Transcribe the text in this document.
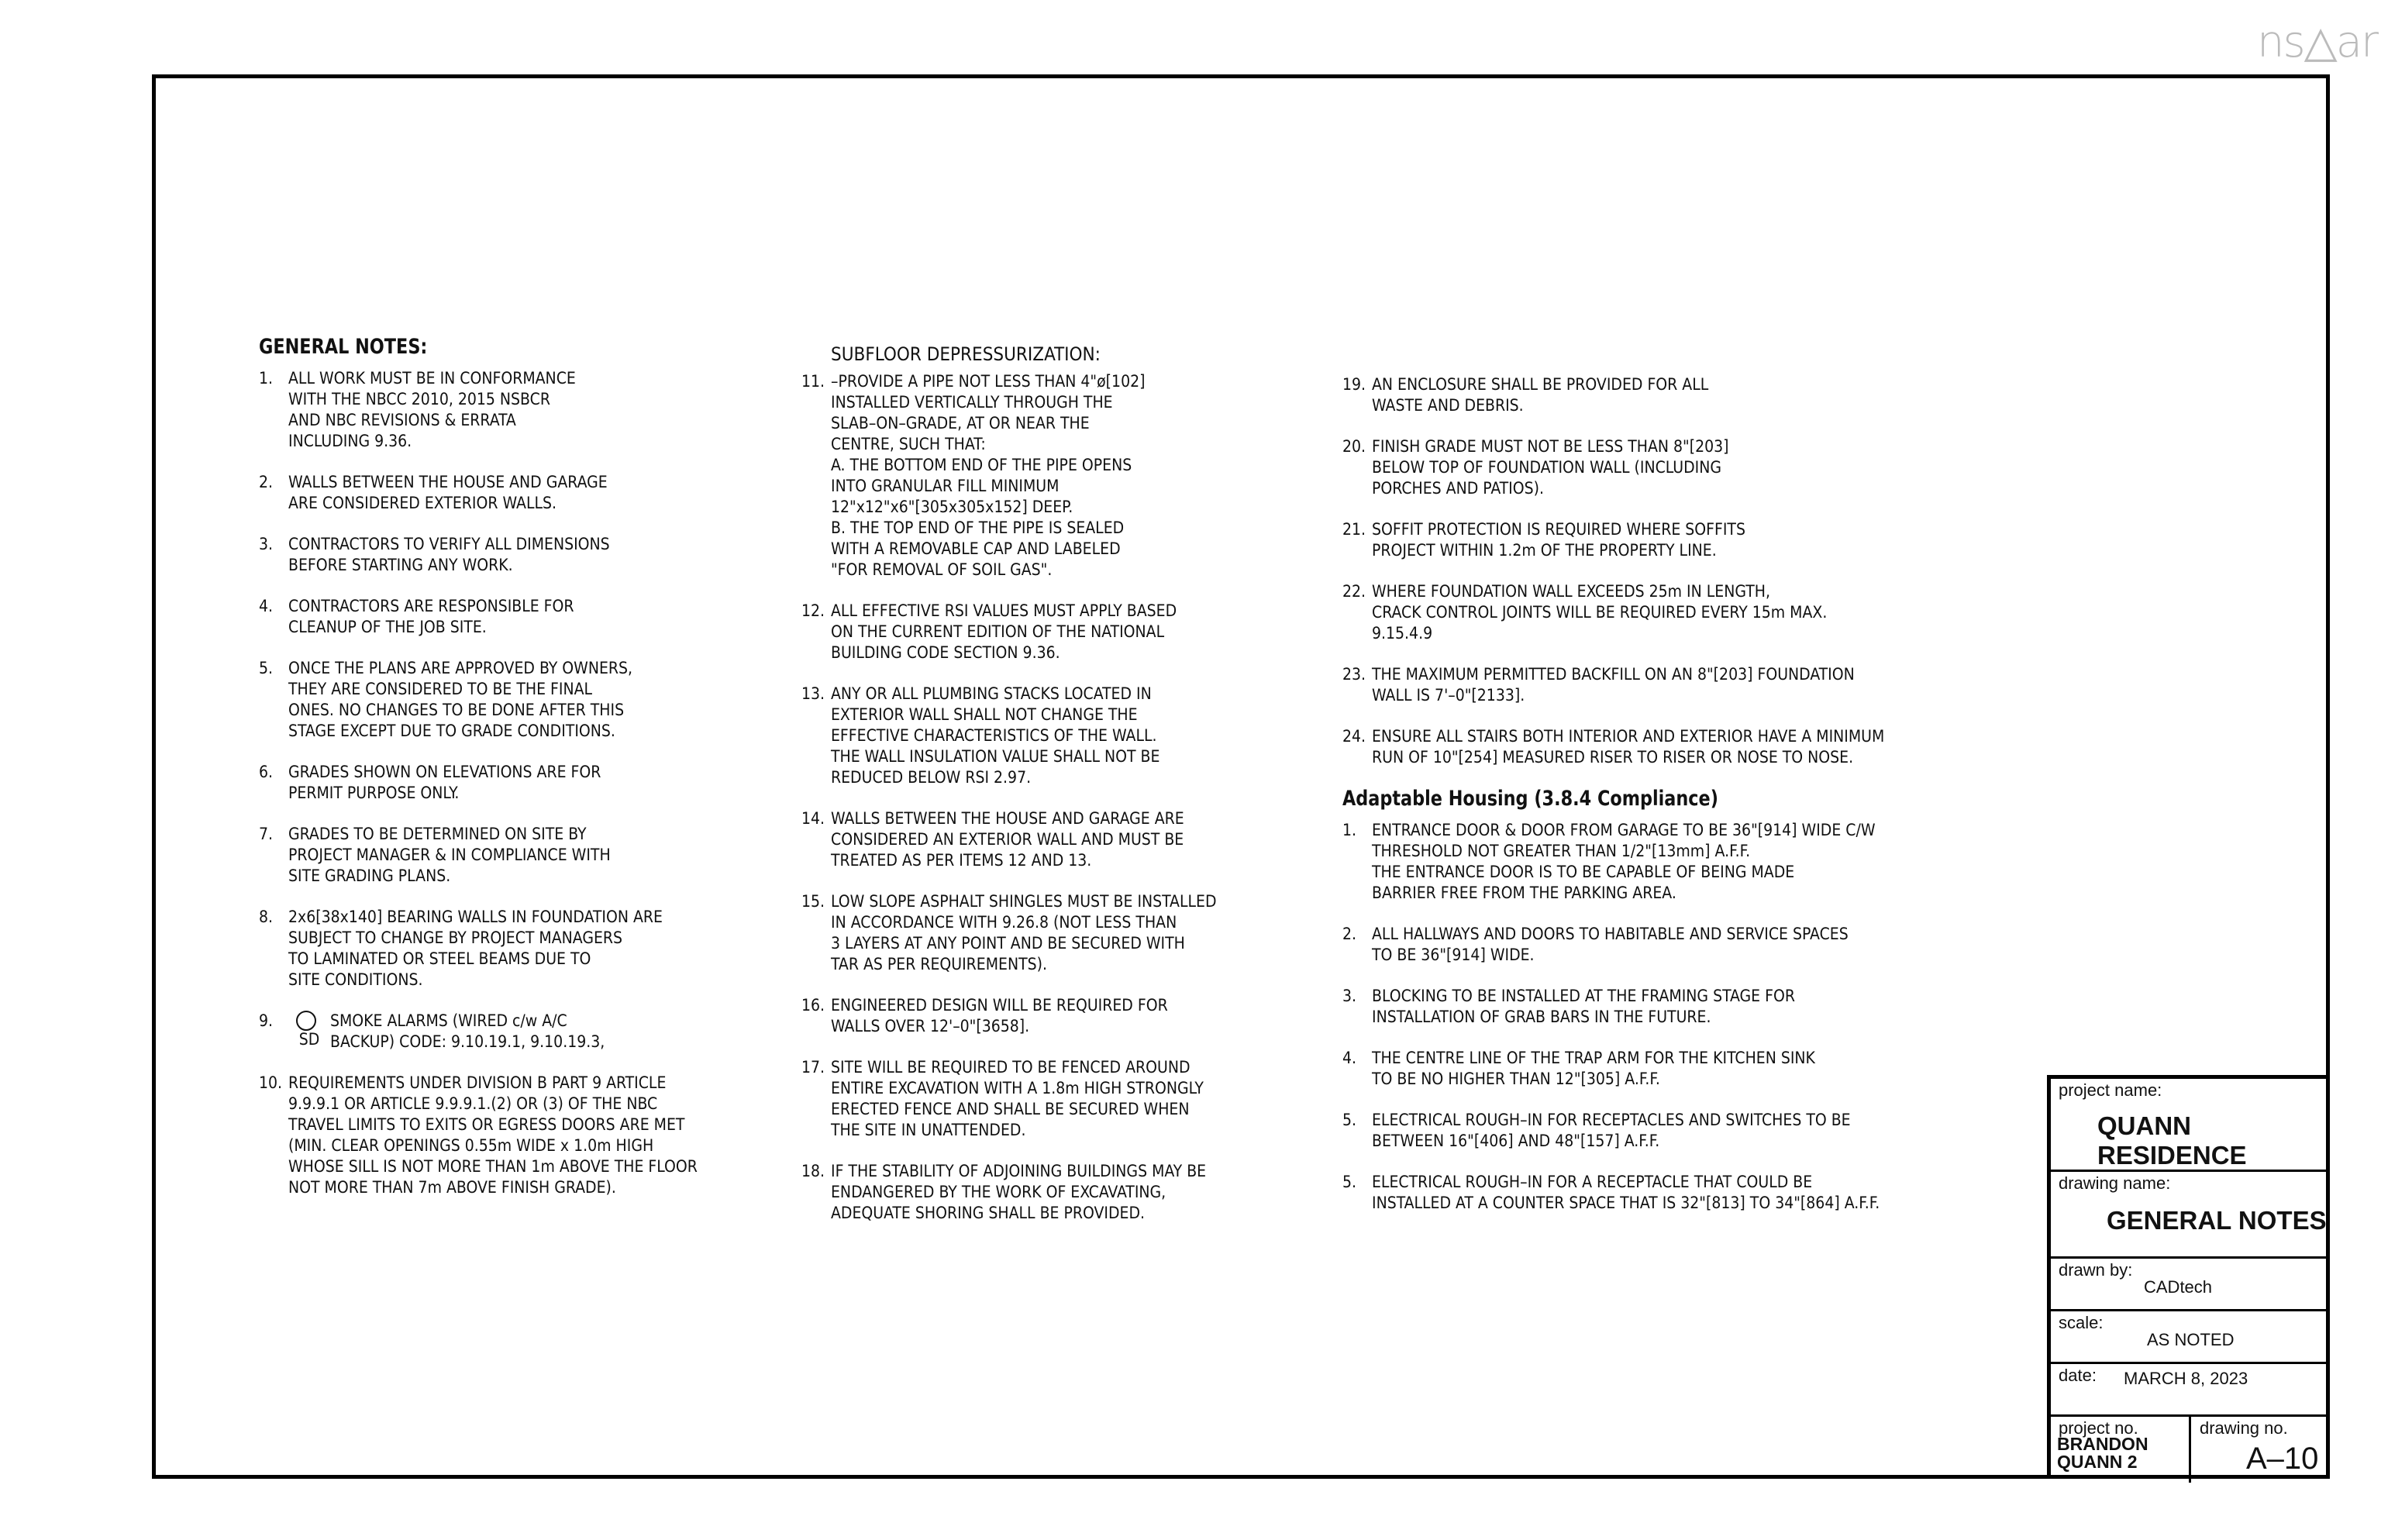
ns△ar
GENERAL NOTES:
1. ALL WORK MUST BE IN CONFORMANCE
WITH THE NBCC 2010, 2015 NSBCR
AND NBC REVISIONS & ERRATA
INCLUDING 9.36.
2. WALLS BETWEEN THE HOUSE AND GARAGE
ARE CONSIDERED EXTERIOR WALLS.
3. CONTRACTORS TO VERIFY ALL DIMENSIONS
BEFORE STARTING ANY WORK.
4. CONTRACTORS ARE RESPONSIBLE FOR
CLEANUP OF THE JOB SITE.
5. ONCE THE PLANS ARE APPROVED BY OWNERS,
THEY ARE CONSIDERED TO BE THE FINAL
ONES. NO CHANGES TO BE DONE AFTER THIS
STAGE EXCEPT DUE TO GRADE CONDITIONS.
6. GRADES SHOWN ON ELEVATIONS ARE FOR
PERMIT PURPOSE ONLY.
7. GRADES TO BE DETERMINED ON SITE BY
PROJECT MANAGER & IN COMPLIANCE WITH
SITE GRADING PLANS.
8. 2x6[38x140] BEARING WALLS IN FOUNDATION ARE
SUBJECT TO CHANGE BY PROJECT MANAGERS
TO LAMINATED OR STEEL BEAMS DUE TO
SITE CONDITIONS.
9.
SD
SMOKE ALARMS (WIRED c/w A/C
BACKUP) CODE: 9.10.19.1, 9.10.19.3,
10. REQUIREMENTS UNDER DIVISION B PART 9 ARTICLE
9.9.9.1 OR ARTICLE 9.9.9.1.(2) OR (3) OF THE NBC
TRAVEL LIMITS TO EXITS OR EGRESS DOORS ARE MET
(MIN. CLEAR OPENINGS 0.55m WIDE x 1.0m HIGH
WHOSE SILL IS NOT MORE THAN 1m ABOVE THE FLOOR
NOT MORE THAN 7m ABOVE FINISH GRADE).
SUBFLOOR DEPRESSURIZATION:
11. –PROVIDE A PIPE NOT LESS THAN 4"ø[102]
INSTALLED VERTICALLY THROUGH THE
SLAB–ON–GRADE, AT OR NEAR THE
CENTRE, SUCH THAT:
A. THE BOTTOM END OF THE PIPE OPENS
INTO GRANULAR FILL MINIMUM
12"x12"x6"[305x305x152] DEEP.
B. THE TOP END OF THE PIPE IS SEALED
WITH A REMOVABLE CAP AND LABELED
"FOR REMOVAL OF SOIL GAS".
12. ALL EFFECTIVE RSI VALUES MUST APPLY BASED
ON THE CURRENT EDITION OF THE NATIONAL
BUILDING CODE SECTION 9.36.
13. ANY OR ALL PLUMBING STACKS LOCATED IN
EXTERIOR WALL SHALL NOT CHANGE THE
EFFECTIVE CHARACTERISTICS OF THE WALL.
THE WALL INSULATION VALUE SHALL NOT BE
REDUCED BELOW RSI 2.97.
14. WALLS BETWEEN THE HOUSE AND GARAGE ARE
CONSIDERED AN EXTERIOR WALL AND MUST BE
TREATED AS PER ITEMS 12 AND 13.
15. LOW SLOPE ASPHALT SHINGLES MUST BE INSTALLED
IN ACCORDANCE WITH 9.26.8 (NOT LESS THAN
3 LAYERS AT ANY POINT AND BE SECURED WITH
TAR AS PER REQUIREMENTS).
16. ENGINEERED DESIGN WILL BE REQUIRED FOR
WALLS OVER 12'–0"[3658].
17. SITE WILL BE REQUIRED TO BE FENCED AROUND
ENTIRE EXCAVATION WITH A 1.8m HIGH STRONGLY
ERECTED FENCE AND SHALL BE SECURED WHEN
THE SITE IN UNATTENDED.
18. IF THE STABILITY OF ADJOINING BUILDINGS MAY BE
ENDANGERED BY THE WORK OF EXCAVATING,
ADEQUATE SHORING SHALL BE PROVIDED.
19. AN ENCLOSURE SHALL BE PROVIDED FOR ALL
WASTE AND DEBRIS.
20. FINISH GRADE MUST NOT BE LESS THAN 8"[203]
BELOW TOP OF FOUNDATION WALL (INCLUDING
PORCHES AND PATIOS).
21. SOFFIT PROTECTION IS REQUIRED WHERE SOFFITS
PROJECT WITHIN 1.2m OF THE PROPERTY LINE.
22. WHERE FOUNDATION WALL EXCEEDS 25m IN LENGTH,
CRACK CONTROL JOINTS WILL BE REQUIRED EVERY 15m MAX.
9.15.4.9
23. THE MAXIMUM PERMITTED BACKFILL ON AN 8"[203] FOUNDATION
WALL IS 7'–0"[2133].
24. ENSURE ALL STAIRS BOTH INTERIOR AND EXTERIOR HAVE A MINIMUM
RUN OF 10"[254] MEASURED RISER TO RISER OR NOSE TO NOSE.
Adaptable Housing (3.8.4 Compliance)
1. ENTRANCE DOOR & DOOR FROM GARAGE TO BE 36"[914] WIDE C/W
THRESHOLD NOT GREATER THAN 1/2"[13mm] A.F.F.
THE ENTRANCE DOOR IS TO BE CAPABLE OF BEING MADE
BARRIER FREE FROM THE PARKING AREA.
2. ALL HALLWAYS AND DOORS TO HABITABLE AND SERVICE SPACES
TO BE 36"[914] WIDE.
3. BLOCKING TO BE INSTALLED AT THE FRAMING STAGE FOR
INSTALLATION OF GRAB BARS IN THE FUTURE.
4. THE CENTRE LINE OF THE TRAP ARM FOR THE KITCHEN SINK
TO BE NO HIGHER THAN 12"[305] A.F.F.
5. ELECTRICAL ROUGH–IN FOR RECEPTACLES AND SWITCHES TO BE
BETWEEN 16"[406] AND 48"[157] A.F.F.
5. ELECTRICAL ROUGH–IN FOR A RECEPTACLE THAT COULD BE
INSTALLED AT A COUNTER SPACE THAT IS 32"[813] TO 34"[864] A.F.F.
project name:
QUANN RESIDENCE
drawing name:
GENERAL NOTES
drawn by:
CADtech
scale:
AS NOTED
date: MARCH 8, 2023
project no.
BRANDON
QUANN 2
drawing no.
A–10
